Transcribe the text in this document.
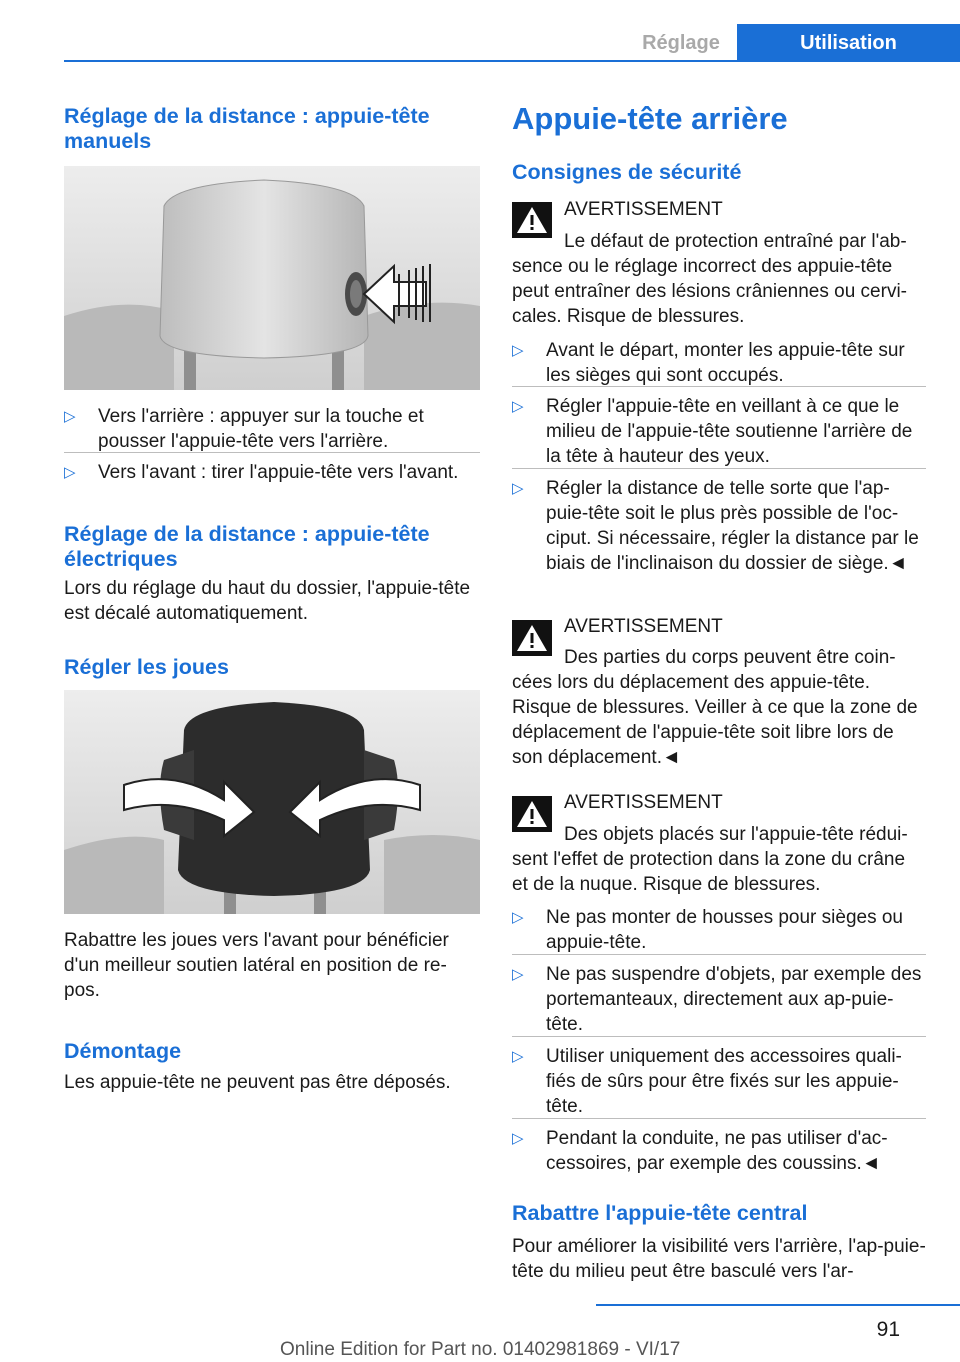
Réglage	Utilisation
Réglage de la distance : appuie-tête manuels
▷	Vers l'arrière : appuyer sur la touche et pousser l'appuie-tête vers l'arrière.
▷	Vers l'avant : tirer l'appuie-tête vers l'avant.
Réglage de la distance : appuie-tête électriques
Lors du réglage du haut du dossier, l'appuie-tête est décalé automatiquement.
Régler les joues
Rabattre les joues vers l'avant pour bénéficier d'un meilleur soutien latéral en position de re-pos.
Démontage
Les appuie-tête ne peuvent pas être déposés.
Appuie-tête arrière
Consignes de sécurité
AVERTISSEMENT
Le défaut de protection entraîné par l'ab-sence ou le réglage incorrect des appuie-tête peut entraîner des lésions crâniennes ou cervi-cales. Risque de blessures.
▷	Avant le départ, monter les appuie-tête sur les sièges qui sont occupés.
▷	Régler l'appuie-tête en veillant à ce que le milieu de l'appuie-tête soutienne l'arrière de la tête à hauteur des yeux.
▷	Régler la distance de telle sorte que l'ap-puie-tête soit le plus près possible de l'oc-ciput. Si nécessaire, régler la distance par le biais de l'inclinaison du dossier de siège.◄
AVERTISSEMENT
Des parties du corps peuvent être coin-cées lors du déplacement des appuie-tête. Risque de blessures. Veiller à ce que la zone de déplacement de l'appuie-tête soit libre lors de son déplacement.◄
AVERTISSEMENT
Des objets placés sur l'appuie-tête rédui-sent l'effet de protection dans la zone du crâne et de la nuque. Risque de blessures.
▷	Ne pas monter de housses pour sièges ou appuie-tête.
▷	Ne pas suspendre d'objets, par exemple des portemanteaux, directement aux ap-puie-tête.
▷	Utiliser uniquement des accessoires quali-fiés de sûrs pour être fixés sur les appuie-tête.
▷	Pendant la conduite, ne pas utiliser d'ac-cessoires, par exemple des coussins.◄
Rabattre l'appuie-tête central
Pour améliorer la visibilité vers l'arrière, l'ap-puie-tête du milieu peut être basculé vers l'ar-
91
Online Edition for Part no. 01402981869 - VI/17
